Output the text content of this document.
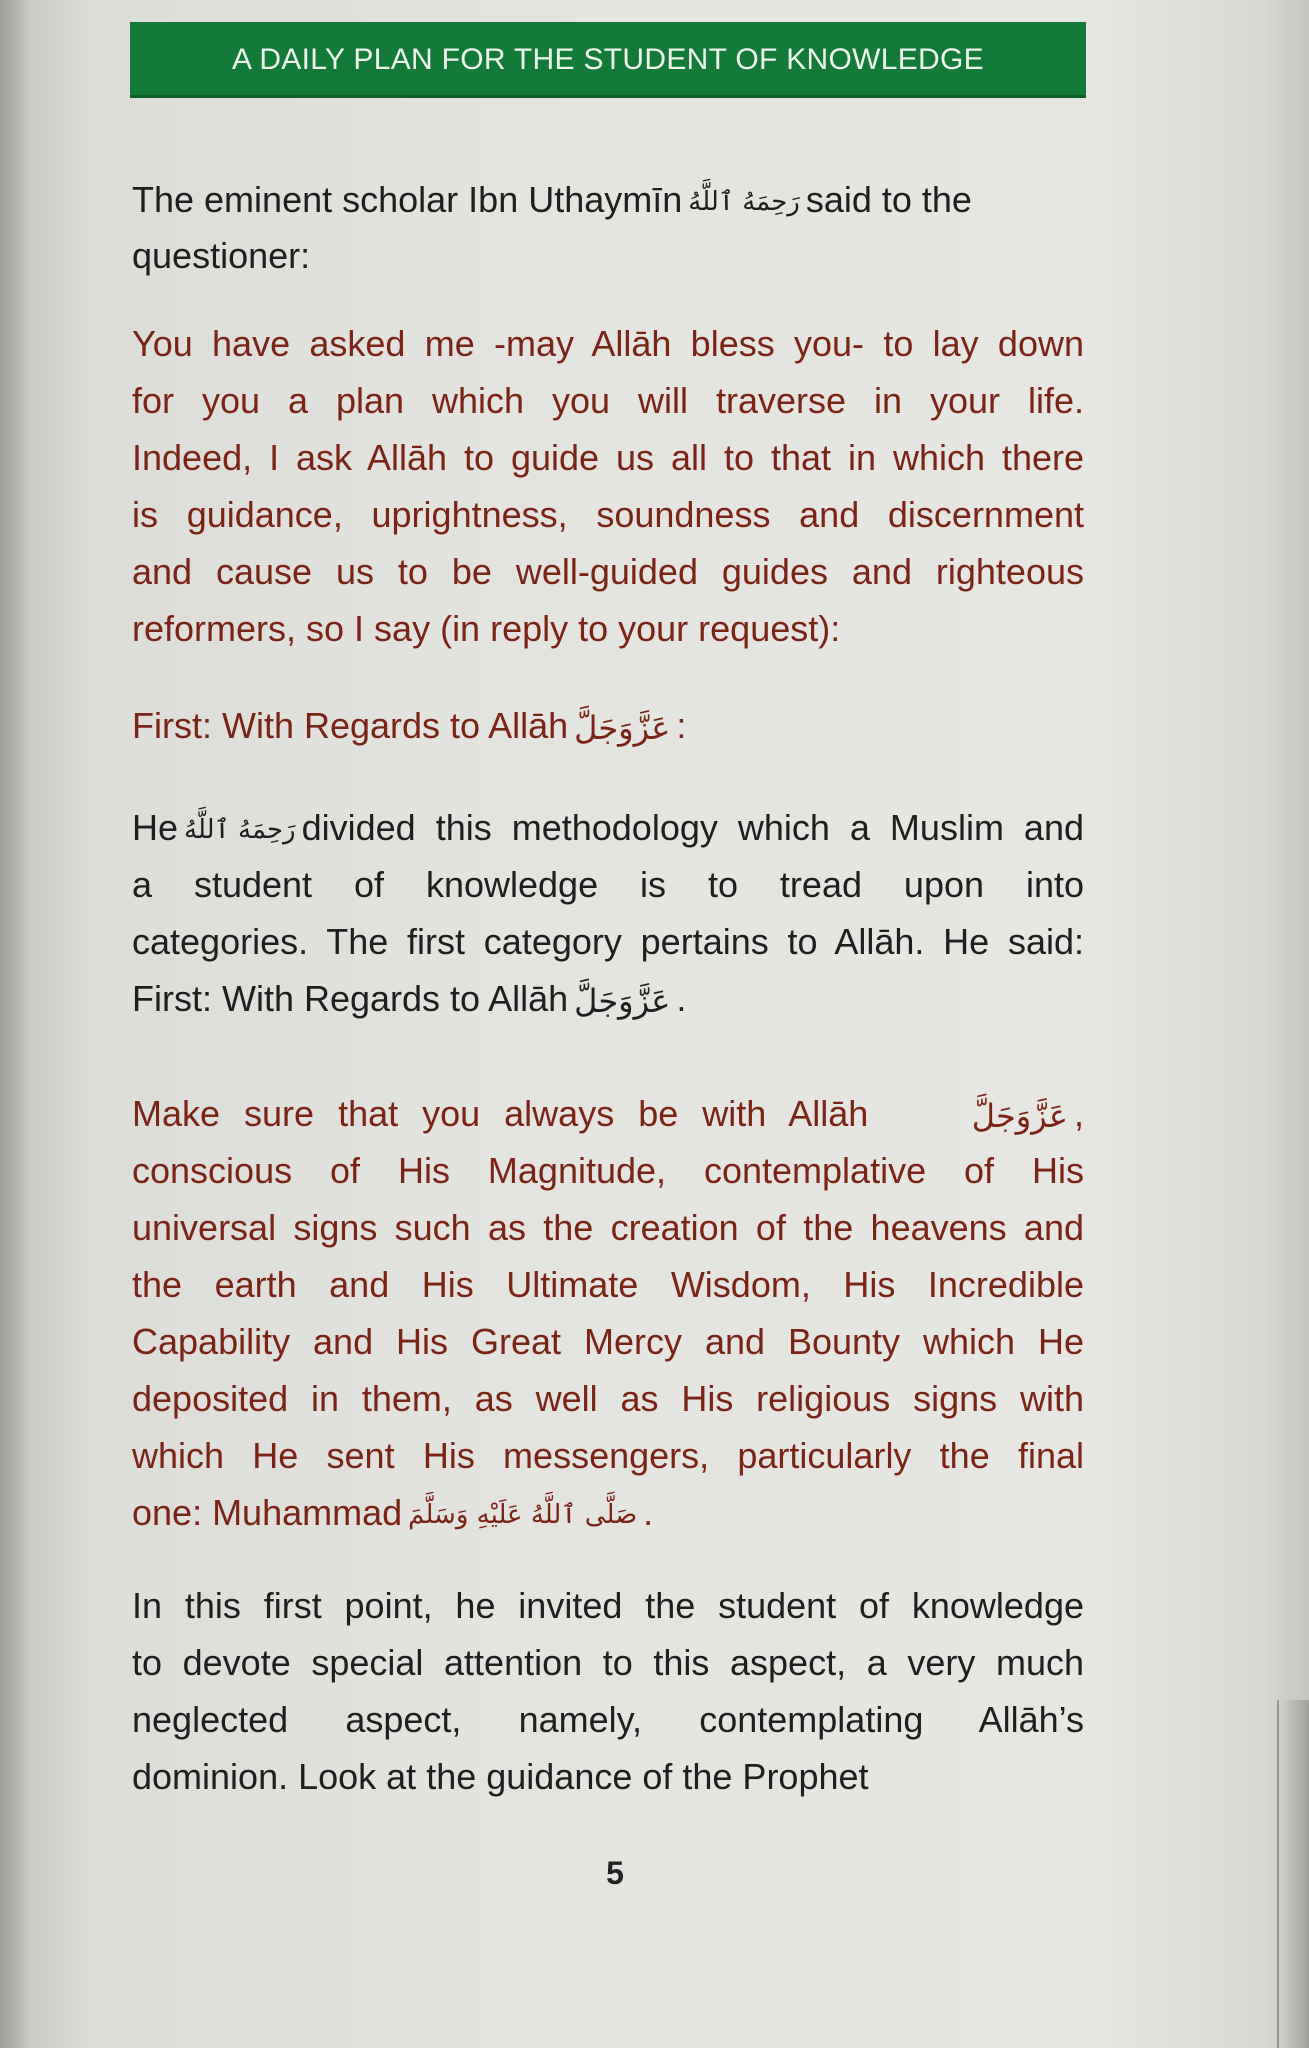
A DAILY PLAN FOR THE STUDENT OF KNOWLEDGE
The eminent scholar Ibn Uthaymīn رَحِمَهُ ٱللَّهُ said to the
questioner:
You have asked me -may Allāh bless you- to lay down
for you a plan which you will traverse in your life.
Indeed, I ask Allāh to guide us all to that in which there
is guidance, uprightness, soundness and discernment
and cause us to be well-guided guides and righteous
reformers, so I say (in reply to your request):
First: With Regards to Allāh عَزَّوَجَلَّ :
He رَحِمَهُ ٱللَّهُ divided this methodology which a Muslim and
a student of knowledge is to tread upon into
categories. The first category pertains to Allāh. He said:
First: With Regards to Allāh عَزَّوَجَلَّ .
Make sure that you always be with Allāh	عَزَّوَجَلَّ ,
conscious of His Magnitude, contemplative of His
universal signs such as the creation of the heavens and
the earth and His Ultimate Wisdom, His Incredible
Capability and His Great Mercy and Bounty which He
deposited in them, as well as His religious signs with
which He sent His messengers, particularly the final
one: Muhammad صَلَّى ٱللَّهُ عَلَيْهِ وَسَلَّمَ .
In this first point, he invited the student of knowledge
to devote special attention to this aspect, a very much
neglected aspect, namely, contemplating Allāh’s
dominion. Look at the guidance of the Prophet
5
